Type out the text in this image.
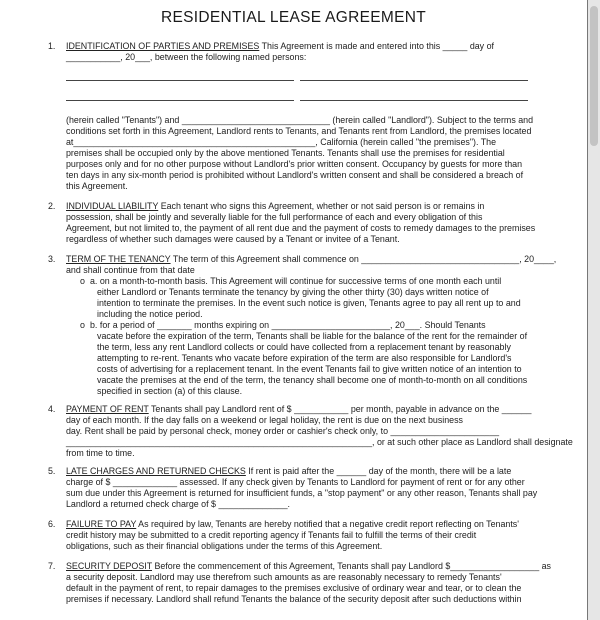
RESIDENTIAL LEASE AGREEMENT
1. IDENTIFICATION OF PARTIES AND PREMISES This Agreement is made and entered into this _____ day of
___________, 20___, between the following named persons:
(herein called "Tenants") and ______________________________ (herein called "Landlord"). Subject to the terms and
conditions set forth in this Agreement, Landlord rents to Tenants, and Tenants rent from Landlord, the premises located
at_________________________________________________, California (herein called "the premises"). The
premises shall be occupied only by the above mentioned Tenants. Tenants shall use the premises for residential
purposes only and for no other purpose without Landlord's prior written consent. Occupancy by guests for more than
ten days in any six-month period is prohibited without Landlord's written consent and shall be considered a breach of
this Agreement.
2. INDIVIDUAL LIABILITY Each tenant who signs this Agreement, whether or not said person is or remains in
possession, shall be jointly and severally liable for the full performance of each and every obligation of this
Agreement, but not limited to, the payment of all rent due and the payment of costs to remedy damages to the premises
regardless of whether such damages were caused by a Tenant or invitee of a Tenant.
3. TERM OF THE TENANCY The term of this Agreement shall commence on ________________________________, 20____,
and shall continue from that date
o a. on a month-to-month basis. This Agreement will continue for successive terms of one month each until
either Landlord or Tenants terminate the tenancy by giving the other thirty (30) days written notice of
intention to terminate the premises. In the event such notice is given, Tenants agree to pay all rent up to and
including the notice period.
o b. for a period of _______ months expiring on ________________________, 20___. Should Tenants
vacate before the expiration of the term, Tenants shall be liable for the balance of the rent for the remainder of
the term, less any rent Landlord collects or could have collected from a replacement tenant by reasonably
attempting to re-rent. Tenants who vacate before expiration of the term are also responsible for Landlord's
costs of advertising for a replacement tenant. In the event Tenants fail to give written notice of an intention to
vacate the premises at the end of the term, the tenancy shall become one of month-to-month on all conditions
specified in section (a) of this clause.
4. PAYMENT OF RENT Tenants shall pay Landlord rent of $ ___________ per month, payable in advance on the ______
day of each month. If the day falls on a weekend or legal holiday, the rent is due on the next business
day. Rent shall be paid by personal check, money order or cashier's check only, to ______________________
______________________________________________________________, or at such other place as Landlord shall designate
from time to time.
5. LATE CHARGES AND RETURNED CHECKS If rent is paid after the ______ day of the month, there will be a late
charge of $ _____________ assessed. If any check given by Tenants to Landlord for payment of rent or for any other
sum due under this Agreement is returned for insufficient funds, a "stop payment" or any other reason, Tenants shall pay
Landlord a returned check charge of $ ______________.
6. FAILURE TO PAY As required by law, Tenants are hereby notified that a negative credit report reflecting on Tenants'
credit history may be submitted to a credit reporting agency if Tenants fail to fulfill the terms of their credit
obligations, such as their financial obligations under the terms of this Agreement.
7. SECURITY DEPOSIT Before the commencement of this Agreement, Tenants shall pay Landlord $__________________ as
a security deposit. Landlord may use therefrom such amounts as are reasonably necessary to remedy Tenants'
default in the payment of rent, to repair damages to the premises exclusive of ordinary wear and tear, or to clean the
premises if necessary. Landlord shall refund Tenants the balance of the security deposit after such deductions within
